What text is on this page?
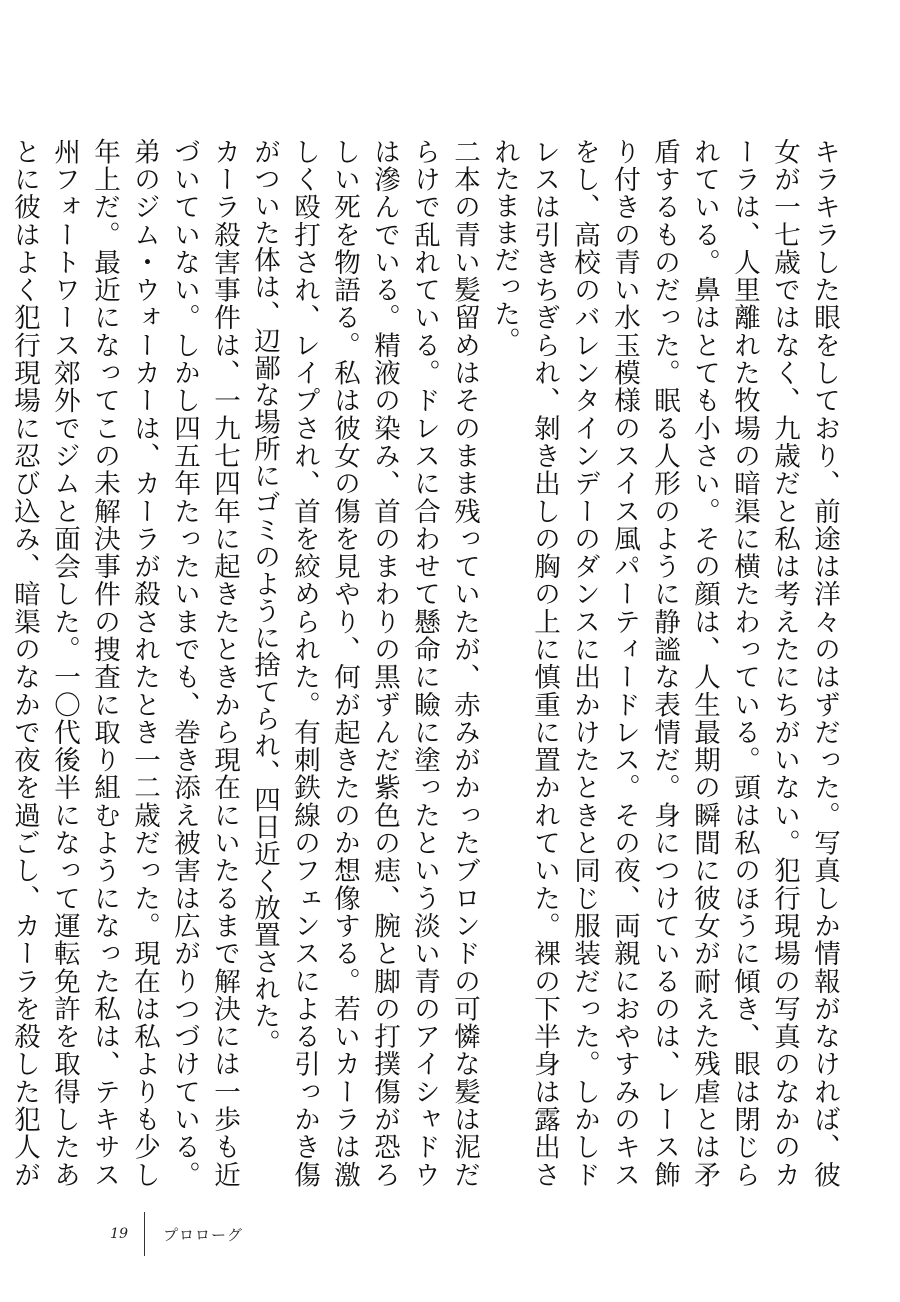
キラキラした眼をしており、前途は洋々のはずだった。写真しか情報がなければ、彼女が一七歳ではなく、九歳だと私は考えたにちがいない。犯行現場の写真のなかのカーラは、人里離れた牧場の暗渠に横たわっている。頭は私のほうに傾き、眼は閉じられている。鼻はとても小さい。その顔は、人生最期の瞬間に彼女が耐えた残虐とは矛盾するものだった。眠る人形のように静謐な表情だ。身につけているのは、レース飾り付きの青い水玉模様のスイス風パーティードレス。その夜、両親におやすみのキスをし、高校のバレンタインデーのダンスに出かけたときと同じ服装だった。しかしドレスは引きちぎられ、剝き出しの胸の上に慎重に置かれていた。裸の下半身は露出されたままだった。

二本の青い髪留めはそのまま残っていたが、赤みがかったブロンドの可憐な髪は泥だらけで乱れている。ドレスに合わせて懸命に瞼に塗ったという淡い青のアイシャドウは滲んでいる。精液の染み、首のまわりの黒ずんだ紫色の痣、腕と脚の打撲傷が恐ろしい死を物語る。私は彼女の傷を見やり、何が起きたのか想像する。若いカーラは激しく殴打され、レイプされ、首を絞められた。有刺鉄線のフェンスによる引っかき傷がついた体は、辺鄙な場所にゴミのように捨てられ、四日近く放置された。

カーラ殺害事件は、一九七四年に起きたときから現在にいたるまで解決には一歩も近づいていない。しかし四五年たったいまでも、巻き添え被害は広がりつづけている。弟のジム・ウォーカーは、カーラが殺されたとき一二歳だった。現在は私よりも少し年上だ。最近になってこの未解決事件の捜査に取り組むようになった私は、テキサス州フォートワース郊外でジムと面会した。一〇代後半になって運転免許を取得したあとに彼はよく犯行現場に忍び込み、暗渠のなかで夜を過ごし、カーラを殺した犯人が

19 プロローグ
